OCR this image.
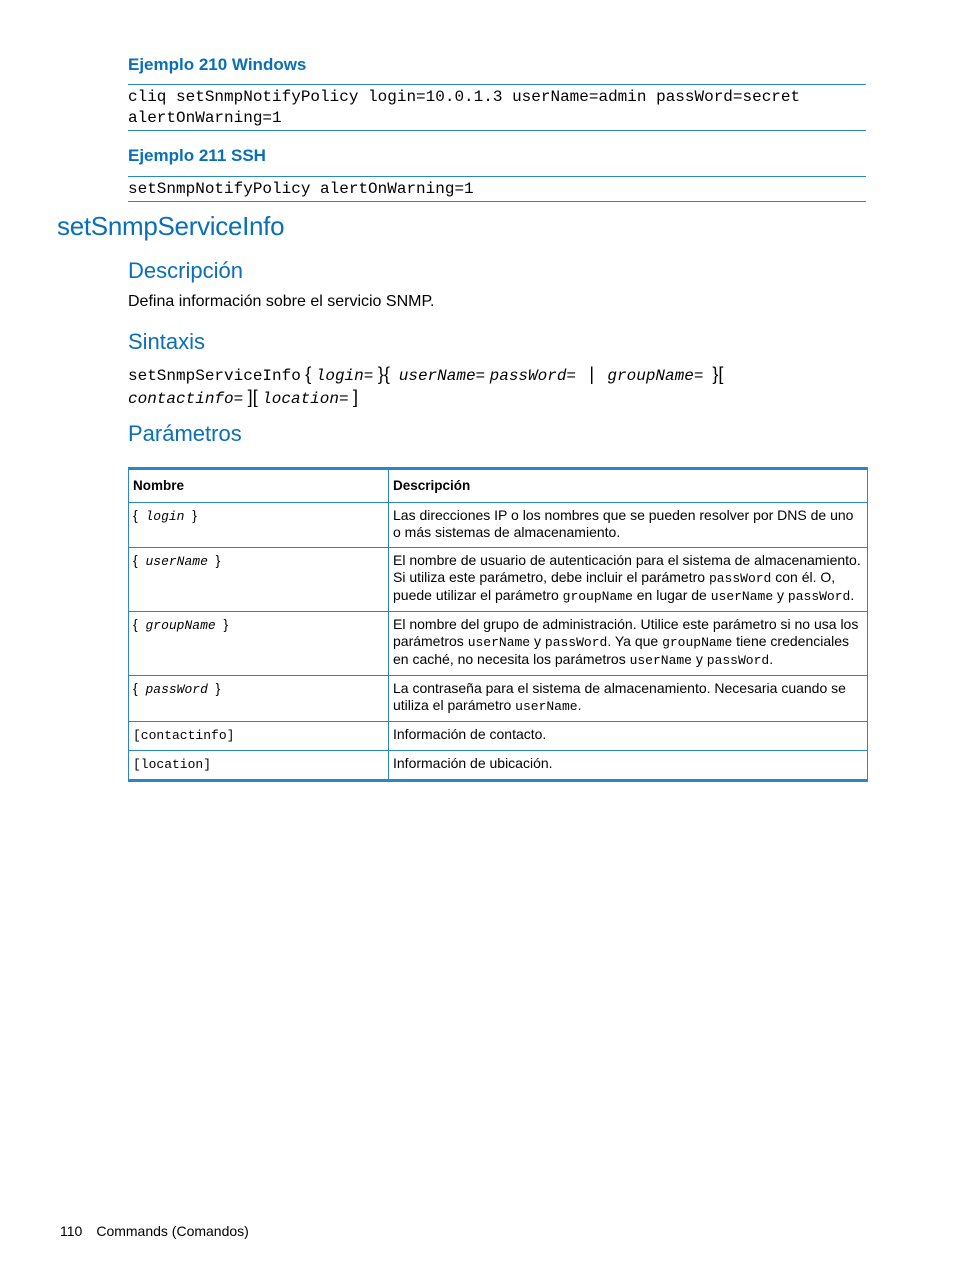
Ejemplo 210 Windows

cliq setSnmpNotifyPolicy login=10.0.1.3 userName=admin passWord=secret
alertOnWarning=1

Ejemplo 211 SSH

setSnmpNotifyPolicy alertOnWarning=1
setSnmpServiceInfo
Descripción

Defina información sobre el servicio SNMP.

Sintaxis
setSnmpServiceInfo { login= }{ userName= passWord= | groupName= }[
contactinfo= ][ location= ]
Parámetros
Nombre	Descripción
{ login }	Las direcciones IP o los nombres que se pueden resolver por DNS de uno o más sistemas de almacenamiento.
{ userName }	El nombre de usuario de autenticación para el sistema de almacenamiento. Si utiliza este parámetro, debe incluir el parámetro passWord con él. O, puede utilizar el parámetro groupName en lugar de userName y passWord.
{ groupName }	El nombre del grupo de administración. Utilice este parámetro si no usa los parámetros userName y passWord. Ya que groupName tiene credenciales en caché, no necesita los parámetros userName y passWord.
{ passWord }	La contraseña para el sistema de almacenamiento. Necesaria cuando se utiliza el parámetro userName.
[contactinfo]	Información de contacto.
[location]	Información de ubicación.
110 Commands (Comandos)
